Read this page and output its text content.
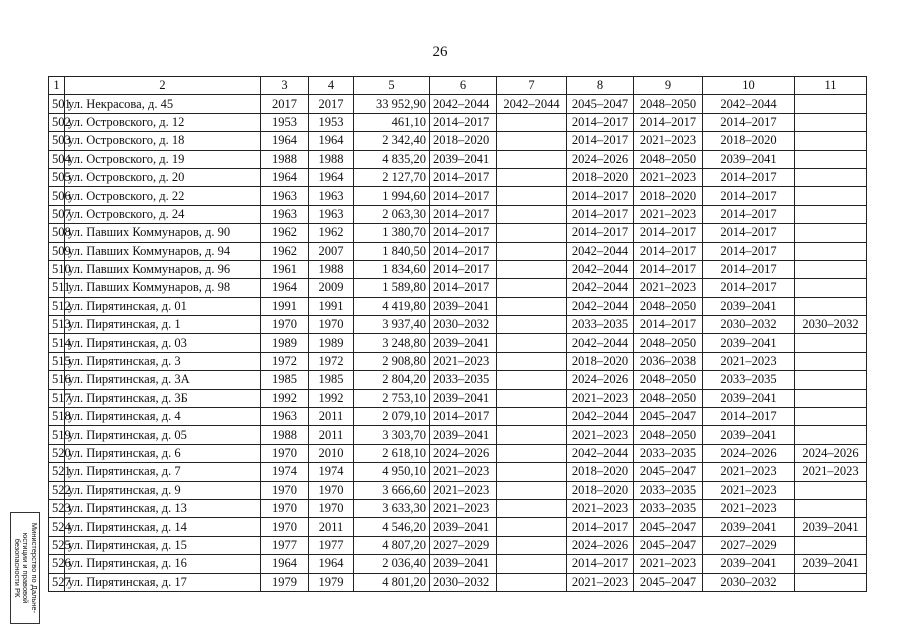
26
1	2	3	4	5	6	7	8	9	10	11
501	ул. Некрасова, д. 45	2017	2017	33 952,90	2042–2044	2042–2044	2045–2047	2048–2050	2042–2044	
502	ул. Островского, д. 12	1953	1953	461,10	2014–2017		2014–2017	2014–2017	2014–2017	
503	ул. Островского, д. 18	1964	1964	2 342,40	2018–2020		2014–2017	2021–2023	2018–2020	
504	ул. Островского, д. 19	1988	1988	4 835,20	2039–2041		2024–2026	2048–2050	2039–2041	
505	ул. Островского, д. 20	1964	1964	2 127,70	2014–2017		2018–2020	2021–2023	2014–2017	
506	ул. Островского, д. 22	1963	1963	1 994,60	2014–2017		2014–2017	2018–2020	2014–2017	
507	ул. Островского, д. 24	1963	1963	2 063,30	2014–2017		2014–2017	2021–2023	2014–2017	
508	ул. Павших Коммунаров, д. 90	1962	1962	1 380,70	2014–2017		2014–2017	2014–2017	2014–2017	
509	ул. Павших Коммунаров, д. 94	1962	2007	1 840,50	2014–2017		2042–2044	2014–2017	2014–2017	
510	ул. Павших Коммунаров, д. 96	1961	1988	1 834,60	2014–2017		2042–2044	2014–2017	2014–2017	
511	ул. Павших Коммунаров, д. 98	1964	2009	1 589,80	2014–2017		2042–2044	2021–2023	2014–2017	
512	ул. Пирятинская, д. 01	1991	1991	4 419,80	2039–2041		2042–2044	2048–2050	2039–2041	
513	ул. Пирятинская, д. 1	1970	1970	3 937,40	2030–2032		2033–2035	2014–2017	2030–2032	2030–2032
514	ул. Пирятинская, д. 03	1989	1989	3 248,80	2039–2041		2042–2044	2048–2050	2039–2041	
515	ул. Пирятинская, д. 3	1972	1972	2 908,80	2021–2023		2018–2020	2036–2038	2021–2023	
516	ул. Пирятинская, д. 3А	1985	1985	2 804,20	2033–2035		2024–2026	2048–2050	2033–2035	
517	ул. Пирятинская, д. 3Б	1992	1992	2 753,10	2039–2041		2021–2023	2048–2050	2039–2041	
518	ул. Пирятинская, д. 4	1963	2011	2 079,10	2014–2017		2042–2044	2045–2047	2014–2017	
519	ул. Пирятинская, д. 05	1988	2011	3 303,70	2039–2041		2021–2023	2048–2050	2039–2041	
520	ул. Пирятинская, д. 6	1970	2010	2 618,10	2024–2026		2042–2044	2033–2035	2024–2026	2024–2026
521	ул. Пирятинская, д. 7	1974	1974	4 950,10	2021–2023		2018–2020	2045–2047	2021–2023	2021–2023
522	ул. Пирятинская, д. 9	1970	1970	3 666,60	2021–2023		2018–2020	2033–2035	2021–2023	
523	ул. Пирятинская, д. 13	1970	1970	3 633,30	2021–2023		2021–2023	2033–2035	2021–2023	
524	ул. Пирятинская, д. 14	1970	2011	4 546,20	2039–2041		2014–2017	2045–2047	2039–2041	2039–2041
525	ул. Пирятинская, д. 15	1977	1977	4 807,20	2027–2029		2024–2026	2045–2047	2027–2029	
526	ул. Пирятинская, д. 16	1964	1964	2 036,40	2039–2041		2014–2017	2021–2023	2039–2041	2039–2041
527	ул. Пирятинская, д. 17	1979	1979	4 801,20	2030–2032		2021–2023	2045–2047	2030–2032	
Министерство по Дальне-
юстиции и правовой
безопасности РК
